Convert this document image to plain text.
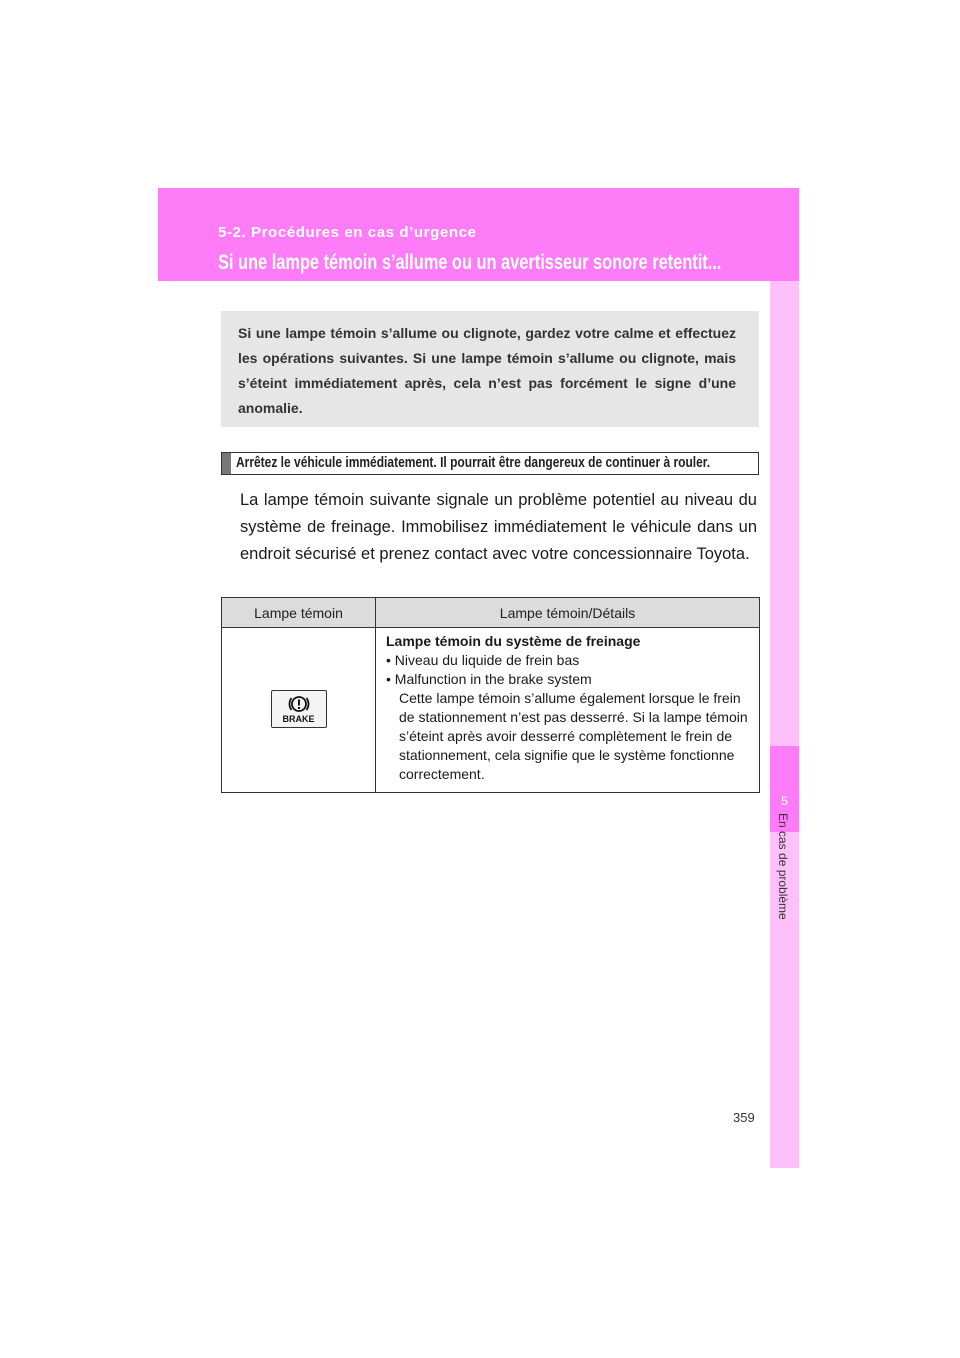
5-2. Procédures en cas d’urgence
Si une lampe témoin s’allume ou un avertisseur sonore retentit...
5
En cas de problème
Si une lampe témoin s’allume ou clignote, gardez votre calme et effectuez les opérations suivantes. Si une lampe témoin s’allume ou clignote, mais s’éteint immédiatement après, cela n’est pas forcément le signe d’une anomalie.
Arrêtez le véhicule immédiatement. Il pourrait être dangereux de continuer à rouler.
La lampe témoin suivante signale un problème potentiel au niveau du système de freinage. Immobilisez immédiatement le véhicule dans un endroit sécurisé et prenez contact avec votre concessionnaire Toyota.
Lampe témoin	Lampe témoin/Détails

BRAKE	Lampe témoin du système de freinage
• Niveau du liquide de frein bas
• Malfunction in the brake system
Cette lampe témoin s’allume également lorsque le frein de stationnement n’est pas desserré. Si la lampe témoin s’éteint après avoir desserré complètement le frein de stationnement, cela signifie que le système fonctionne correctement.
359
